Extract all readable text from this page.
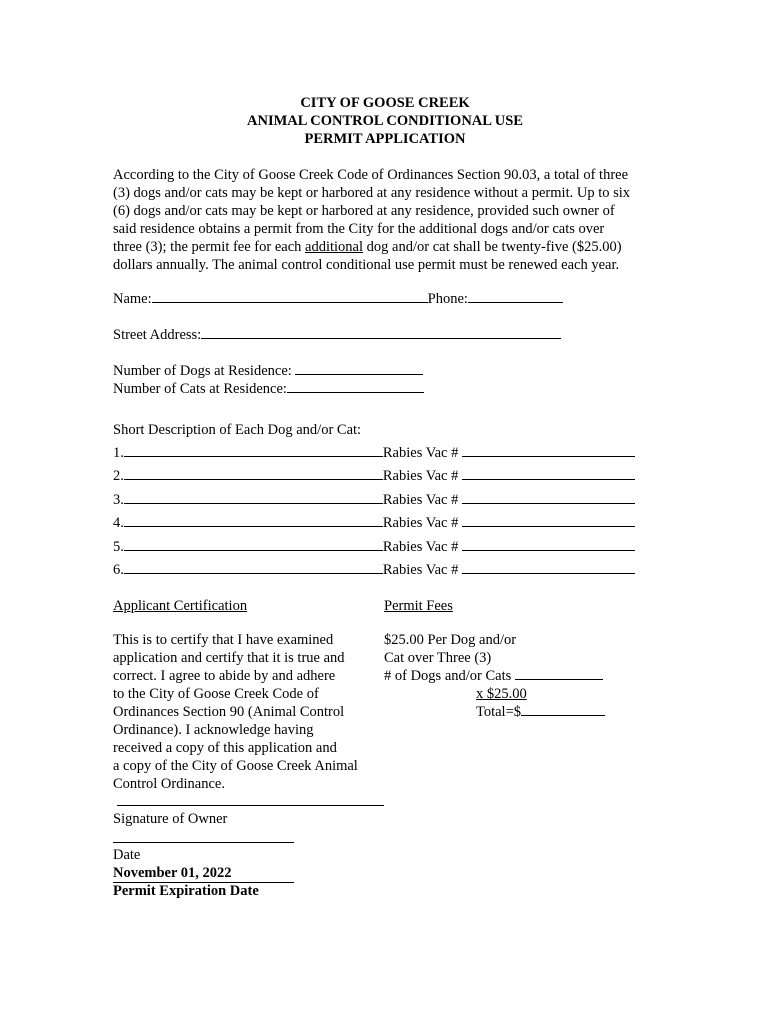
CITY OF GOOSE CREEK
ANIMAL CONTROL CONDITIONAL USE
PERMIT APPLICATION
According to the City of Goose Creek Code of Ordinances Section 90.03, a total of three
(3) dogs and/or cats may be kept or harbored at any residence without a permit. Up to six
(6) dogs and/or cats may be kept or harbored at any residence, provided such owner of
said residence obtains a permit from the City for the additional dogs and/or cats over
three (3); the permit fee for each additional dog and/or cat shall be twenty-five ($25.00)
dollars annually. The animal control conditional use permit must be renewed each year.
Name:	Phone:
Street Address:
Number of Dogs at Residence:
Number of Cats at Residence:
Short Description of Each Dog and/or Cat:
1.	Rabies Vac #
2.	Rabies Vac #
3.	Rabies Vac #
4.	Rabies Vac #
5.	Rabies Vac #
6.	Rabies Vac #
Applicant Certification
This is to certify that I have examined
application and certify that it is true and
correct. I agree to abide by and adhere
to the City of Goose Creek Code of
Ordinances Section 90 (Animal Control
Ordinance). I acknowledge having
received a copy of this application and
a copy of the City of Goose Creek Animal
Control Ordinance.
Permit Fees
$25.00 Per Dog and/or
Cat over Three (3)
# of Dogs and/or Cats
x $25.00
Total=$
Signature of Owner
Date
November 01, 2022
Permit Expiration Date
